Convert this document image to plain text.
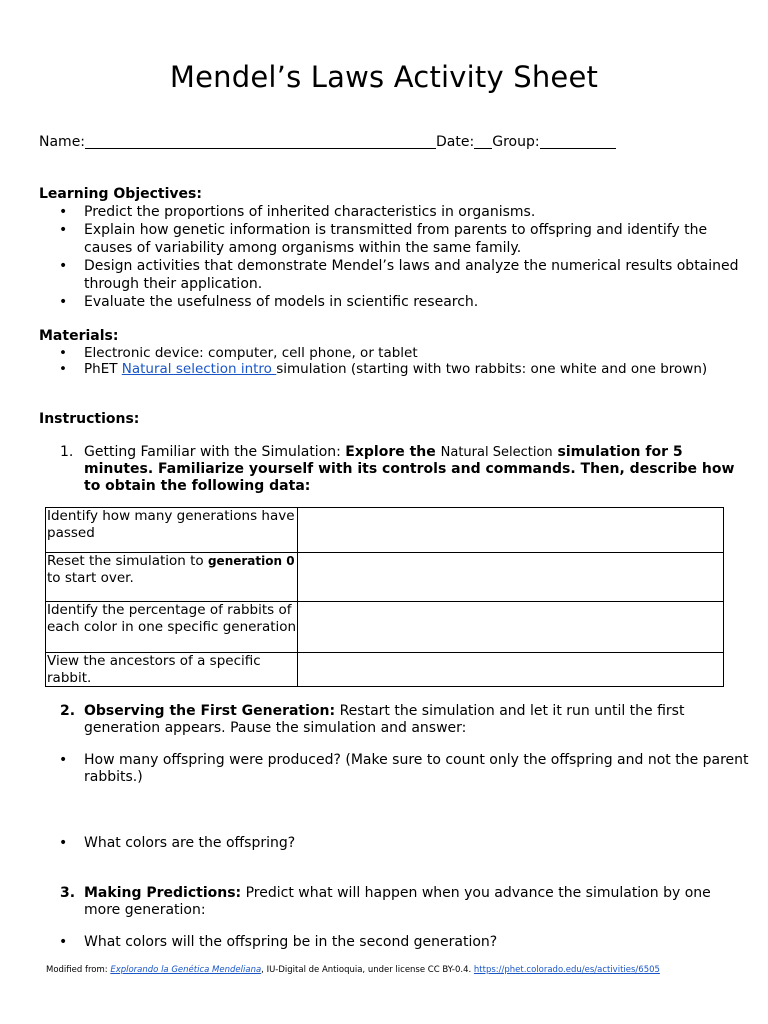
Mendel’s Laws Activity Sheet
Name:	Date: Group:
Learning Objectives:
• Predict the proportions of inherited characteristics in organisms.
• Explain how genetic information is transmitted from parents to offspring and identify the causes of variability among organisms within the same family.
• Design activities that demonstrate Mendel’s laws and analyze the numerical results obtained through their application.
• Evaluate the usefulness of models in scientific research.
Materials:
• Electronic device: computer, cell phone, or tablet
• PhET Natural selection intro simulation (starting with two rabbits: one white and one brown)
Instructions:
1. Getting Familiar with the Simulation: Explore the Natural Selection simulation for 5 minutes. Familiarize yourself with its controls and commands. Then, describe how to obtain the following data:
Identify how many generations have passed	
Reset the simulation to generation 0 to start over.	
Identify the percentage of rabbits of each color in one specific generation	
View the ancestors of a specific rabbit.	
2. Observing the First Generation: Restart the simulation and let it run until the first generation appears. Pause the simulation and answer:
• How many offspring were produced? (Make sure to count only the offspring and not the parent rabbits.)
• What colors are the offspring?
3. Making Predictions: Predict what will happen when you advance the simulation by one more generation:
• What colors will the offspring be in the second generation?
Modified from: Explorando la Genética Mendeliana, IU-Digital de Antioquia, under license CC BY-0.4. https://phet.colorado.edu/es/activities/6505
